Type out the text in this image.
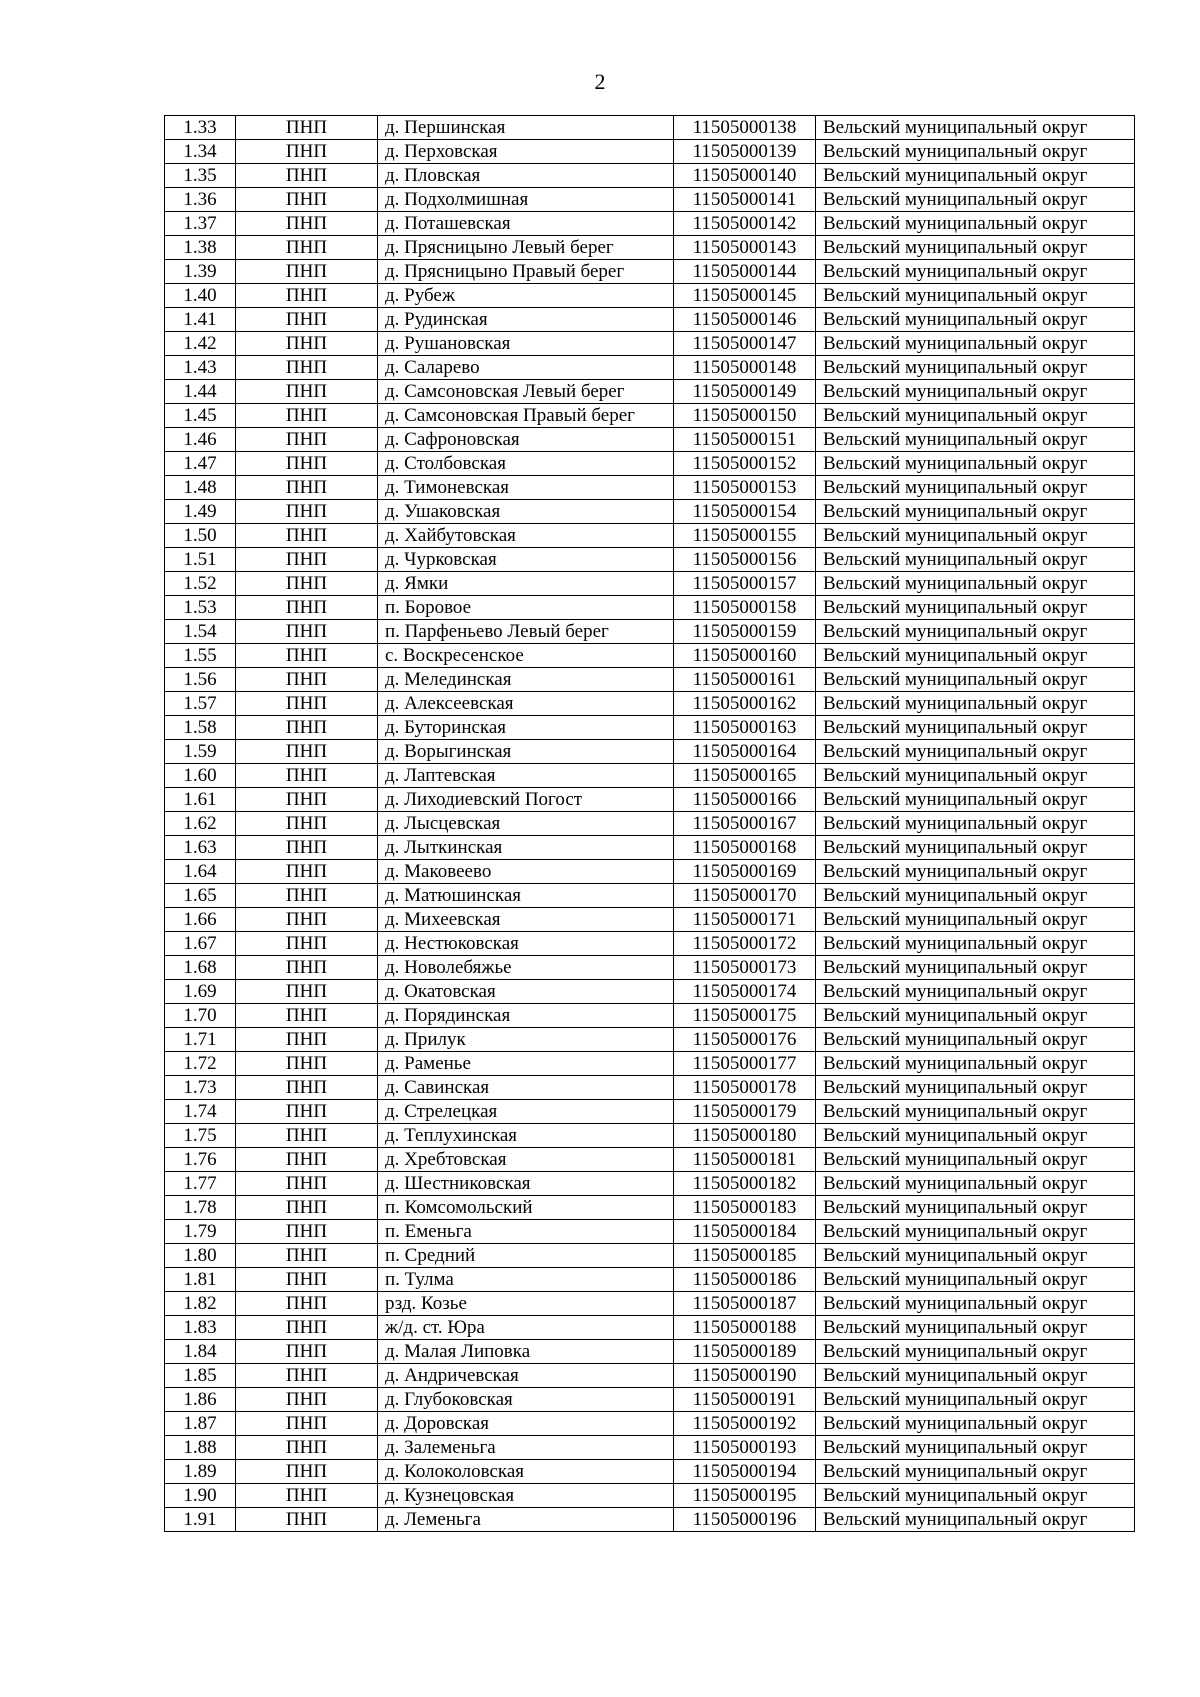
2
1.33	ПНП	д. Першинская	11505000138	Вельский муниципальный округ
1.34	ПНП	д. Перховская	11505000139	Вельский муниципальный округ
1.35	ПНП	д. Пловская	11505000140	Вельский муниципальный округ
1.36	ПНП	д. Подхолмишная	11505000141	Вельский муниципальный округ
1.37	ПНП	д. Поташевская	11505000142	Вельский муниципальный округ
1.38	ПНП	д. Прясницыно Левый берег	11505000143	Вельский муниципальный округ
1.39	ПНП	д. Прясницыно Правый берег	11505000144	Вельский муниципальный округ
1.40	ПНП	д. Рубеж	11505000145	Вельский муниципальный округ
1.41	ПНП	д. Рудинская	11505000146	Вельский муниципальный округ
1.42	ПНП	д. Рушановская	11505000147	Вельский муниципальный округ
1.43	ПНП	д. Саларево	11505000148	Вельский муниципальный округ
1.44	ПНП	д. Самсоновская Левый берег	11505000149	Вельский муниципальный округ
1.45	ПНП	д. Самсоновская Правый берег	11505000150	Вельский муниципальный округ
1.46	ПНП	д. Сафроновская	11505000151	Вельский муниципальный округ
1.47	ПНП	д. Столбовская	11505000152	Вельский муниципальный округ
1.48	ПНП	д. Тимоневская	11505000153	Вельский муниципальный округ
1.49	ПНП	д. Ушаковская	11505000154	Вельский муниципальный округ
1.50	ПНП	д. Хайбутовская	11505000155	Вельский муниципальный округ
1.51	ПНП	д. Чурковская	11505000156	Вельский муниципальный округ
1.52	ПНП	д. Ямки	11505000157	Вельский муниципальный округ
1.53	ПНП	п. Боровое	11505000158	Вельский муниципальный округ
1.54	ПНП	п. Парфеньево Левый берег	11505000159	Вельский муниципальный округ
1.55	ПНП	с. Воскресенское	11505000160	Вельский муниципальный округ
1.56	ПНП	д. Мелединская	11505000161	Вельский муниципальный округ
1.57	ПНП	д. Алексеевская	11505000162	Вельский муниципальный округ
1.58	ПНП	д. Буторинская	11505000163	Вельский муниципальный округ
1.59	ПНП	д. Ворыгинская	11505000164	Вельский муниципальный округ
1.60	ПНП	д. Лаптевская	11505000165	Вельский муниципальный округ
1.61	ПНП	д. Лиходиевский Погост	11505000166	Вельский муниципальный округ
1.62	ПНП	д. Лысцевская	11505000167	Вельский муниципальный округ
1.63	ПНП	д. Лыткинская	11505000168	Вельский муниципальный округ
1.64	ПНП	д. Маковеево	11505000169	Вельский муниципальный округ
1.65	ПНП	д. Матюшинская	11505000170	Вельский муниципальный округ
1.66	ПНП	д. Михеевская	11505000171	Вельский муниципальный округ
1.67	ПНП	д. Нестюковская	11505000172	Вельский муниципальный округ
1.68	ПНП	д. Новолебяжье	11505000173	Вельский муниципальный округ
1.69	ПНП	д. Окатовская	11505000174	Вельский муниципальный округ
1.70	ПНП	д. Порядинская	11505000175	Вельский муниципальный округ
1.71	ПНП	д. Прилук	11505000176	Вельский муниципальный округ
1.72	ПНП	д. Раменье	11505000177	Вельский муниципальный округ
1.73	ПНП	д. Савинская	11505000178	Вельский муниципальный округ
1.74	ПНП	д. Стрелецкая	11505000179	Вельский муниципальный округ
1.75	ПНП	д. Теплухинская	11505000180	Вельский муниципальный округ
1.76	ПНП	д. Хребтовская	11505000181	Вельский муниципальный округ
1.77	ПНП	д. Шестниковская	11505000182	Вельский муниципальный округ
1.78	ПНП	п. Комсомольский	11505000183	Вельский муниципальный округ
1.79	ПНП	п. Еменьга	11505000184	Вельский муниципальный округ
1.80	ПНП	п. Средний	11505000185	Вельский муниципальный округ
1.81	ПНП	п. Тулма	11505000186	Вельский муниципальный округ
1.82	ПНП	рзд. Козье	11505000187	Вельский муниципальный округ
1.83	ПНП	ж/д. ст. Юра	11505000188	Вельский муниципальный округ
1.84	ПНП	д. Малая Липовка	11505000189	Вельский муниципальный округ
1.85	ПНП	д. Андричевская	11505000190	Вельский муниципальный округ
1.86	ПНП	д. Глубоковская	11505000191	Вельский муниципальный округ
1.87	ПНП	д. Доровская	11505000192	Вельский муниципальный округ
1.88	ПНП	д. Залеменьга	11505000193	Вельский муниципальный округ
1.89	ПНП	д. Колоколовская	11505000194	Вельский муниципальный округ
1.90	ПНП	д. Кузнецовская	11505000195	Вельский муниципальный округ
1.91	ПНП	д. Леменьга	11505000196	Вельский муниципальный округ
